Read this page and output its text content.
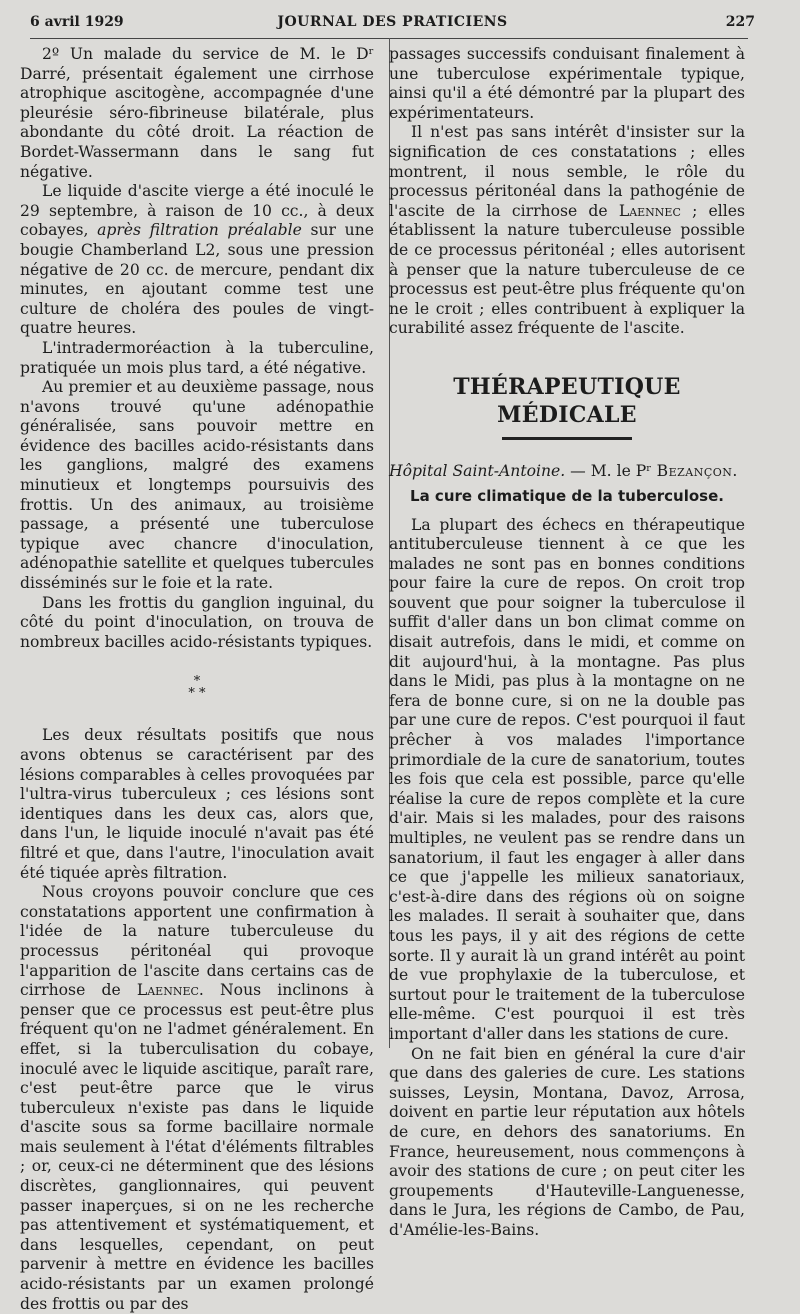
6 avril 1929	JOURNAL DES PRATICIENS	227

2º Un malade du service de M. le Dʳ Darré, présentait également une cirrhose atrophique ascitogène, accompagnée d'une pleurésie séro-fibrineuse bilatérale, plus abondante du côté droit. La réaction de Bordet-Wassermann dans le sang fut négative.

Le liquide d'ascite vierge a été inoculé le 29 septembre, à raison de 10 cc., à deux cobayes, après filtration préalable sur une bougie Chamberland L2, sous une pression négative de 20 cc. de mercure, pendant dix minutes, en ajoutant comme test une culture de choléra des poules de vingt-quatre heures.

L'intradermoréaction à la tuberculine, pratiquée un mois plus tard, a été négative.

Au premier et au deuxième passage, nous n'avons trouvé qu'une adénopathie généralisée, sans pouvoir mettre en évidence des bacilles acido-résistants dans les ganglions, malgré des examens minutieux et longtemps poursuivis des frottis. Un des animaux, au troisième passage, a présenté une tuberculose typique avec chancre d'inoculation, adénopathie satellite et quelques tubercules disséminés sur le foie et la rate.

Dans les frottis du ganglion inguinal, du côté du point d'inoculation, on trouva de nombreux bacilles acido-résistants typiques.

*
* *

Les deux résultats positifs que nous avons obtenus se caractérisent par des lésions comparables à celles provoquées par l'ultra-virus tuberculeux ; ces lésions sont identiques dans les deux cas, alors que, dans l'un, le liquide inoculé n'avait pas été filtré et que, dans l'autre, l'inoculation avait été tiquée après filtration.

Nous croyons pouvoir conclure que ces constatations apportent une confirmation à l'idée de la nature tuberculeuse du processus péritonéal qui provoque l'apparition de l'ascite dans certains cas de cirrhose de Laennec. Nous inclinons à penser que ce processus est peut-être plus fréquent qu'on ne l'admet généralement. En effet, si la tuberculisation du cobaye, inoculé avec le liquide ascitique, paraît rare, c'est peut-être parce que le virus tuberculeux n'existe pas dans le liquide d'ascite sous sa forme bacillaire normale mais seulement à l'état d'éléments filtrables ; or, ceux-ci ne déterminent que des lésions discrètes, ganglionnaires, qui peuvent passer inaperçues, si on ne les recherche pas attentivement et systématiquement, et dans lesquelles, cependant, on peut parvenir à mettre en évidence les bacilles acido-résistants par un examen prolongé des frottis ou par des

passages successifs conduisant finalement à une tuberculose expérimentale typique, ainsi qu'il a été démontré par la plupart des expérimentateurs.

Il n'est pas sans intérêt d'insister sur la signification de ces constatations ; elles montrent, il nous semble, le rôle du processus péritonéal dans la pathogénie de l'ascite de la cirrhose de Laennec ; elles établissent la nature tuberculeuse possible de ce processus péritonéal ; elles autorisent à penser que la nature tuberculeuse de ce processus est peut-être plus fréquente qu'on ne le croit ; elles contribuent à expliquer la curabilité assez fréquente de l'ascite.

THÉRAPEUTIQUE MÉDICALE

Hôpital Saint-Antoine. — M. le Pʳ Bezançon.

La cure climatique de la tuberculose.

La plupart des échecs en thérapeutique antituberculeuse tiennent à ce que les malades ne sont pas en bonnes conditions pour faire la cure de repos. On croit trop souvent que pour soigner la tuberculose il suffit d'aller dans un bon climat comme on disait autrefois, dans le midi, et comme on dit aujourd'hui, à la montagne. Pas plus dans le Midi, pas plus à la montagne on ne fera de bonne cure, si on ne la double pas par une cure de repos. C'est pourquoi il faut prêcher à vos malades l'importance primordiale de la cure de sanatorium, toutes les fois que cela est possible, parce qu'elle réalise la cure de repos complète et la cure d'air. Mais si les malades, pour des raisons multiples, ne veulent pas se rendre dans un sanatorium, il faut les engager à aller dans ce que j'appelle les milieux sanatoriaux, c'est-à-dire dans des régions où on soigne les malades. Il serait à souhaiter que, dans tous les pays, il y ait des régions de cette sorte. Il y aurait là un grand intérêt au point de vue prophylaxie de la tuberculose, et surtout pour le traitement de la tuberculose elle-même. C'est pourquoi il est très important d'aller dans les stations de cure.

On ne fait bien en général la cure d'air que dans des galeries de cure. Les stations suisses, Leysin, Montana, Davoz, Arrosa, doivent en partie leur réputation aux hôtels de cure, en dehors des sanatoriums. En France, heureusement, nous commençons à avoir des stations de cure ; on peut citer les groupements d'Hauteville-Languenesse, dans le Jura, les régions de Cambo, de Pau, d'Amélie-les-Bains.
